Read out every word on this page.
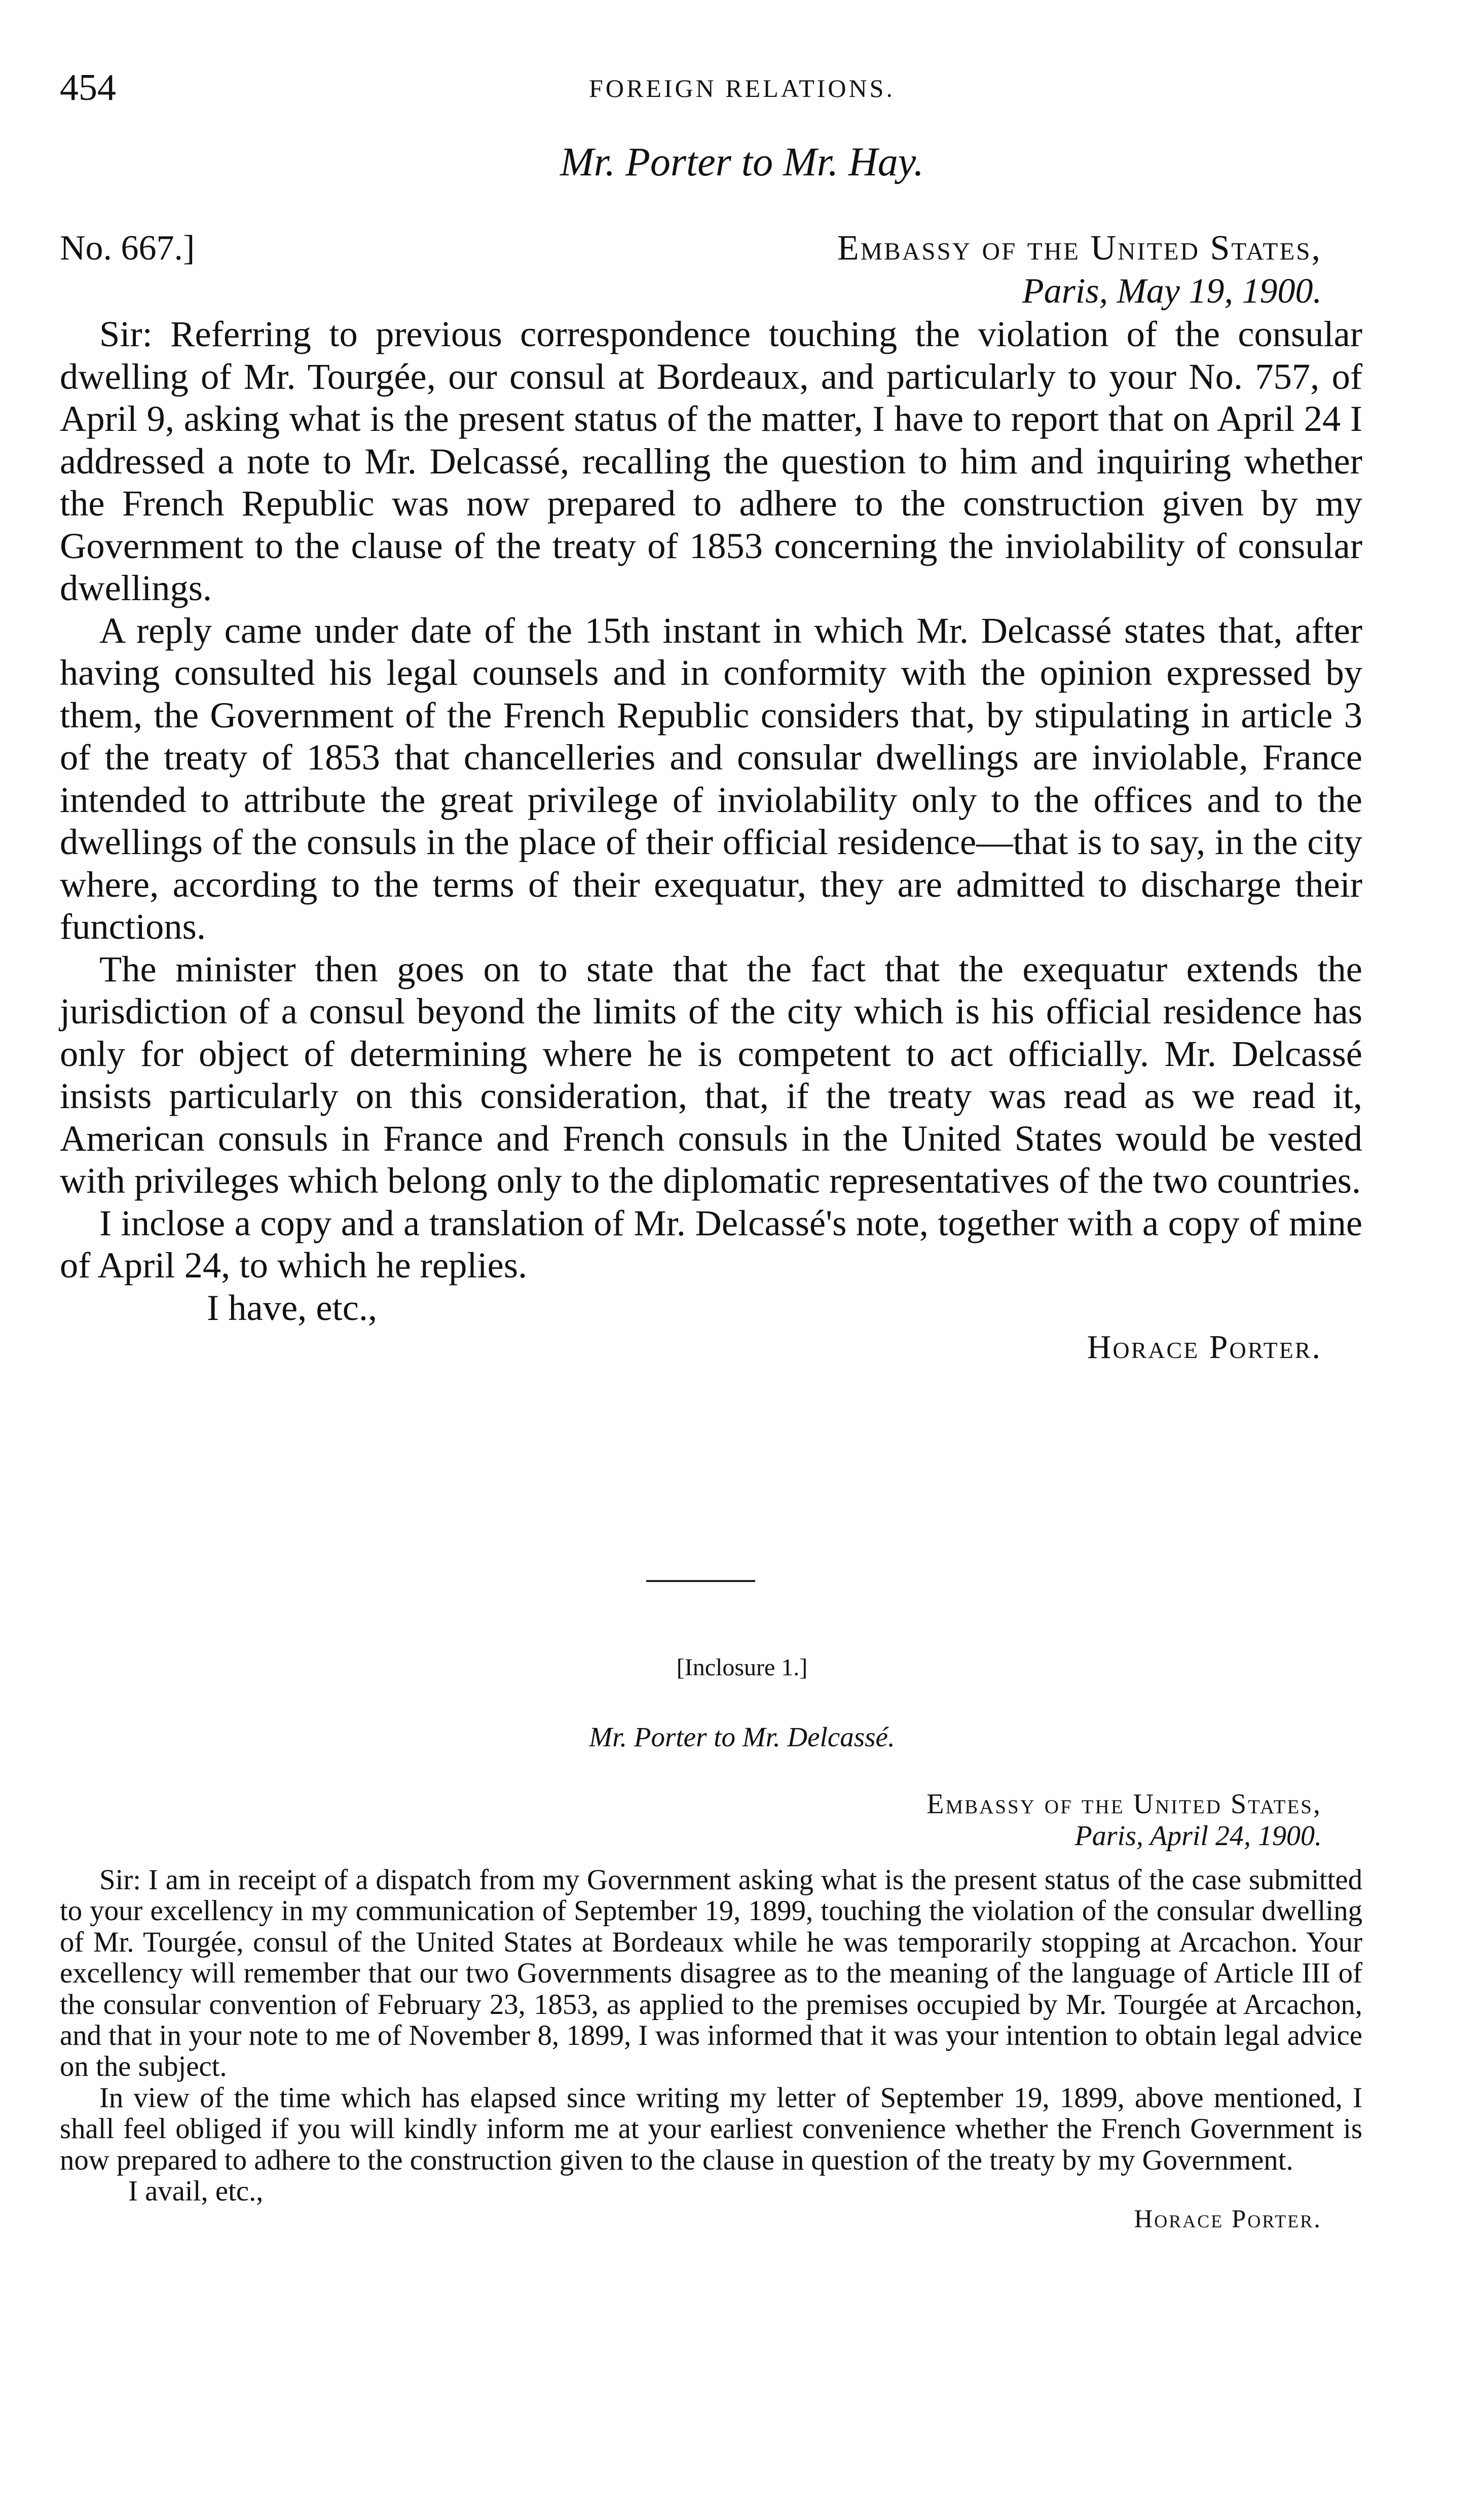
454	FOREIGN RELATIONS.
Mr. Porter to Mr. Hay.
No. 667.]	Embassy of the United States,
Paris, May 19, 1900.

Sir: Referring to previous correspondence touching the violation of the consular dwelling of Mr. Tourgée, our consul at Bordeaux, and particularly to your No. 757, of April 9, asking what is the present status of the matter, I have to report that on April 24 I addressed a note to Mr. Delcassé, recalling the question to him and inquiring whether the French Republic was now prepared to adhere to the construction given by my Government to the clause of the treaty of 1853 concerning the inviolability of consular dwellings.

A reply came under date of the 15th instant in which Mr. Delcassé states that, after having consulted his legal counsels and in conformity with the opinion expressed by them, the Government of the French Republic considers that, by stipulating in article 3 of the treaty of 1853 that chancelleries and consular dwellings are inviolable, France intended to attribute the great privilege of inviolability only to the offices and to the dwellings of the consuls in the place of their official residence—that is to say, in the city where, according to the terms of their exequatur, they are admitted to discharge their functions.

The minister then goes on to state that the fact that the exequatur extends the jurisdiction of a consul beyond the limits of the city which is his official residence has only for object of determining where he is competent to act officially. Mr. Delcassé insists particularly on this consideration, that, if the treaty was read as we read it, American consuls in France and French consuls in the United States would be vested with privileges which belong only to the diplomatic representatives of the two countries.

I inclose a copy and a translation of Mr. Delcassé's note, together with a copy of mine of April 24, to which he replies.

I have, etc.,
Horace Porter.
[Inclosure 1.]
Mr. Porter to Mr. Delcassé.
Embassy of the United States,
Paris, April 24, 1900.

Sir: I am in receipt of a dispatch from my Government asking what is the present status of the case submitted to your excellency in my communication of September 19, 1899, touching the violation of the consular dwelling of Mr. Tourgée, consul of the United States at Bordeaux while he was temporarily stopping at Arcachon. Your excellency will remember that our two Governments disagree as to the meaning of the language of Article III of the consular convention of February 23, 1853, as applied to the premises occupied by Mr. Tourgée at Arcachon, and that in your note to me of November 8, 1899, I was informed that it was your intention to obtain legal advice on the subject.

In view of the time which has elapsed since writing my letter of September 19, 1899, above mentioned, I shall feel obliged if you will kindly inform me at your earliest convenience whether the French Government is now prepared to adhere to the construction given to the clause in question of the treaty by my Government.

I avail, etc.,
Horace Porter.
